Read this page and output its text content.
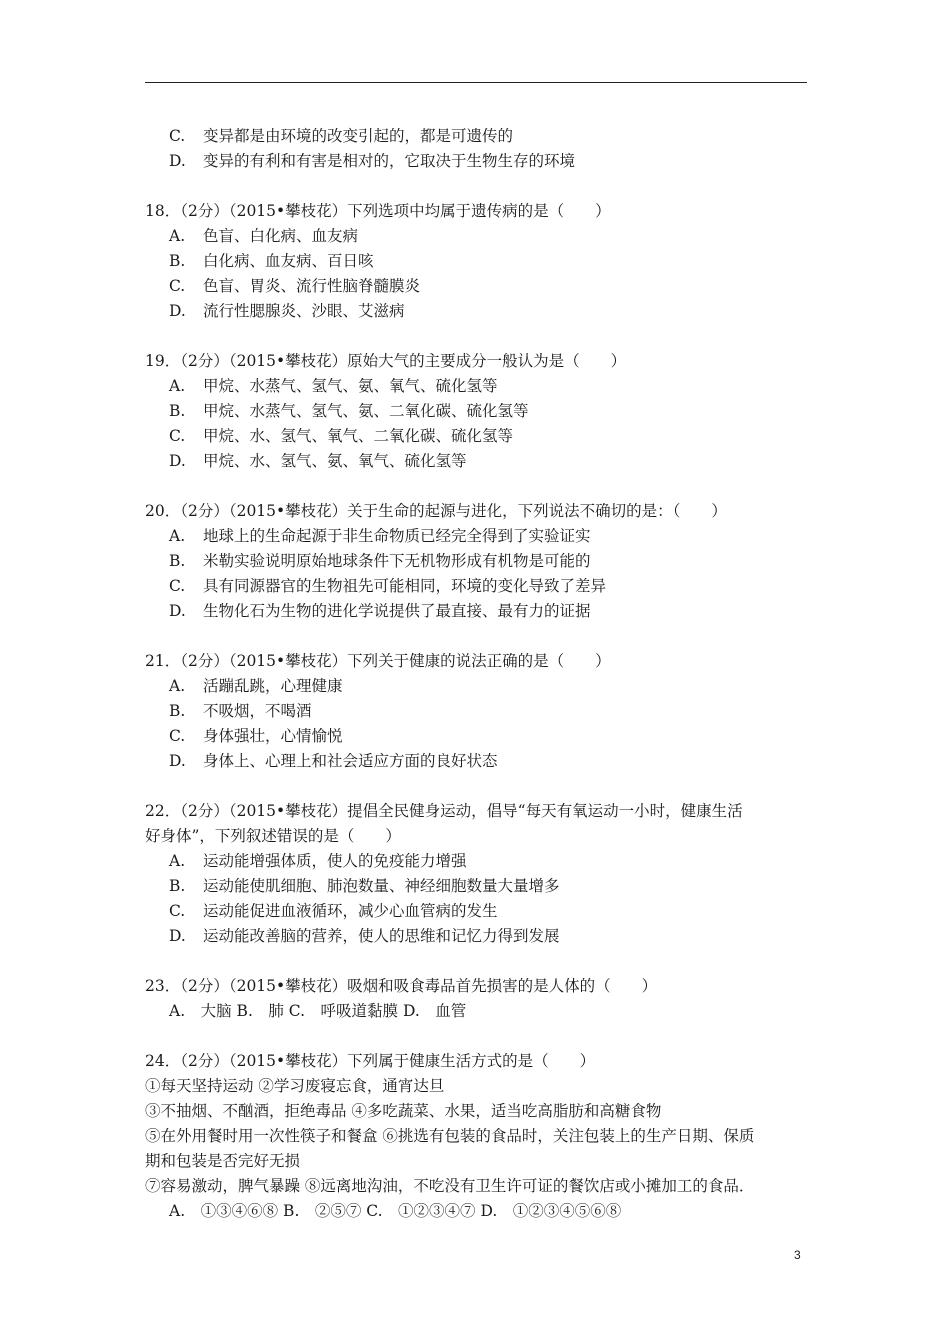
C. 变异都是由环境的改变引起的，都是可遗传的
D. 变异的有利和有害是相对的，它取决于生物生存的环境
18．（2分）（2015•攀枝花）下列选项中均属于遗传病的是（　　）
A. 色盲、白化病、血友病
B. 白化病、血友病、百日咳
C. 色盲、胃炎、流行性脑脊髓膜炎
D. 流行性腮腺炎、沙眼、艾滋病
19．（2分）（2015•攀枝花）原始大气的主要成分一般认为是（　　）
A. 甲烷、水蒸气、氢气、氨、氧气、硫化氢等
B. 甲烷、水蒸气、氢气、氨、二氧化碳、硫化氢等
C. 甲烷、水、氢气、氧气、二氧化碳、硫化氢等
D. 甲烷、水、氢气、氨、氧气、硫化氢等
20．（2分）（2015•攀枝花）关于生命的起源与进化，下列说法不确切的是：（　　）
A. 地球上的生命起源于非生命物质已经完全得到了实验证实
B. 米勒实验说明原始地球条件下无机物形成有机物是可能的
C. 具有同源器官的生物祖先可能相同，环境的变化导致了差异
D. 生物化石为生物的进化学说提供了最直接、最有力的证据
21．（2分）（2015•攀枝花）下列关于健康的说法正确的是（　　）
A. 活蹦乱跳，心理健康
B. 不吸烟，不喝酒
C. 身体强壮，心情愉悦
D. 身体上、心理上和社会适应方面的良好状态
22．（2分）（2015•攀枝花）提倡全民健身运动，倡导“每天有氧运动一小时，健康生活
好身体”，下列叙述错误的是（　　）
A. 运动能增强体质，使人的免疫能力增强
B. 运动能使肌细胞、肺泡数量、神经细胞数量大量增多
C. 运动能促进血液循环，减少心血管病的发生
D. 运动能改善脑的营养，使人的思维和记忆力得到发展
23．（2分）（2015•攀枝花）吸烟和吸食毒品首先损害的是人体的（　　）
A.　大脑 B.　肺 C.　呼吸道黏膜 D.　血管
24．（2分）（2015•攀枝花）下列属于健康生活方式的是（　　）
①每天坚持运动 ②学习废寝忘食，通宵达旦
③不抽烟、不酗酒，拒绝毒品 ④多吃蔬菜、水果，适当吃高脂肪和高糖食物
⑤在外用餐时用一次性筷子和餐盒 ⑥挑选有包装的食品时，关注包装上的生产日期、保质
期和包装是否完好无损
⑦容易激动，脾气暴躁 ⑧远离地沟油，不吃没有卫生许可证的餐饮店或小摊加工的食品．
A.　①③④⑥⑧ B.　②⑤⑦ C.　①②③④⑦ D.　①②③④⑤⑥⑧
3
